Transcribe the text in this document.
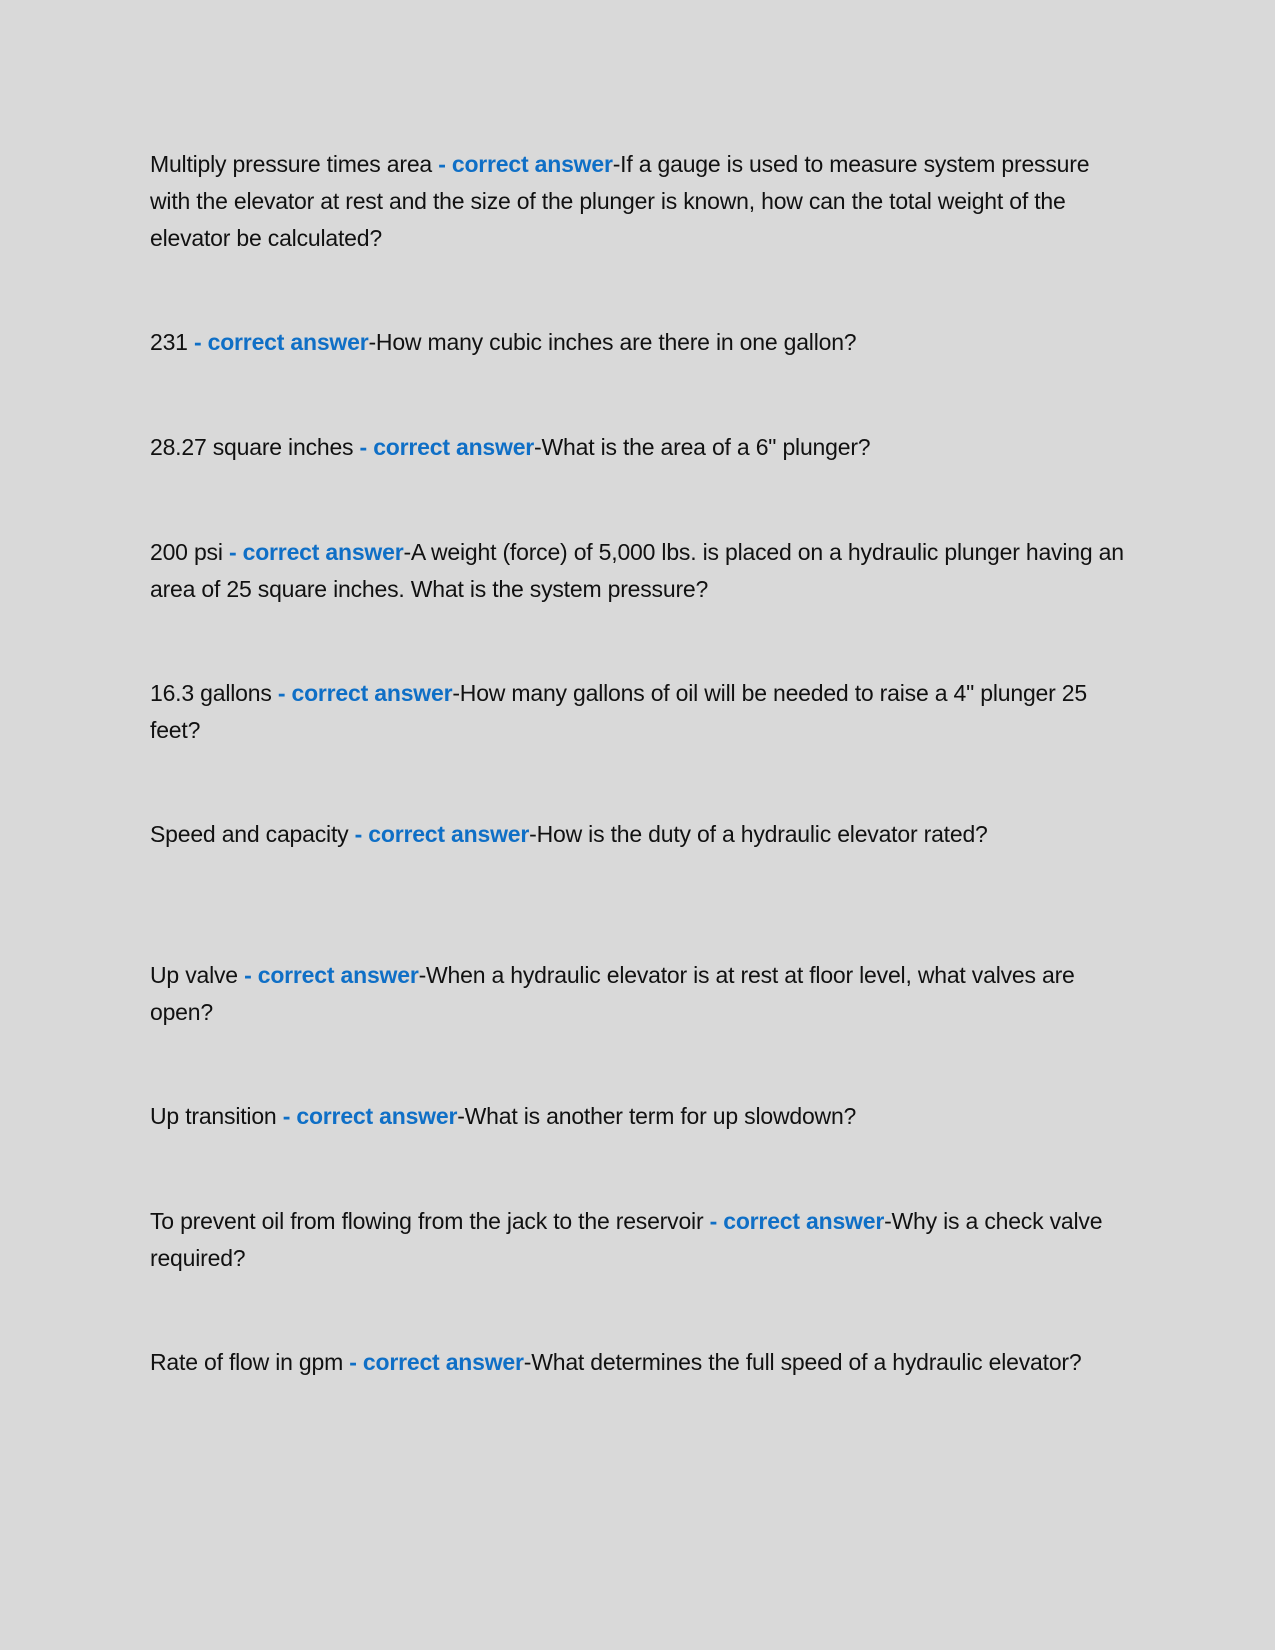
Multiply pressure times area - correct answer-If a gauge is used to measure system pressure with the elevator at rest and the size of the plunger is known, how can the total weight of the elevator be calculated?

231 - correct answer-How many cubic inches are there in one gallon?

28.27 square inches - correct answer-What is the area of a 6" plunger?

200 psi - correct answer-A weight (force) of 5,000 lbs. is placed on a hydraulic plunger having an area of 25 square inches. What is the system pressure?

16.3 gallons - correct answer-How many gallons of oil will be needed to raise a 4" plunger 25 feet?

Speed and capacity - correct answer-How is the duty of a hydraulic elevator rated?

Up valve - correct answer-When a hydraulic elevator is at rest at floor level, what valves are open?

Up transition - correct answer-What is another term for up slowdown?

To prevent oil from flowing from the jack to the reservoir - correct answer-Why is a check valve required?

Rate of flow in gpm - correct answer-What determines the full speed of a hydraulic elevator?
